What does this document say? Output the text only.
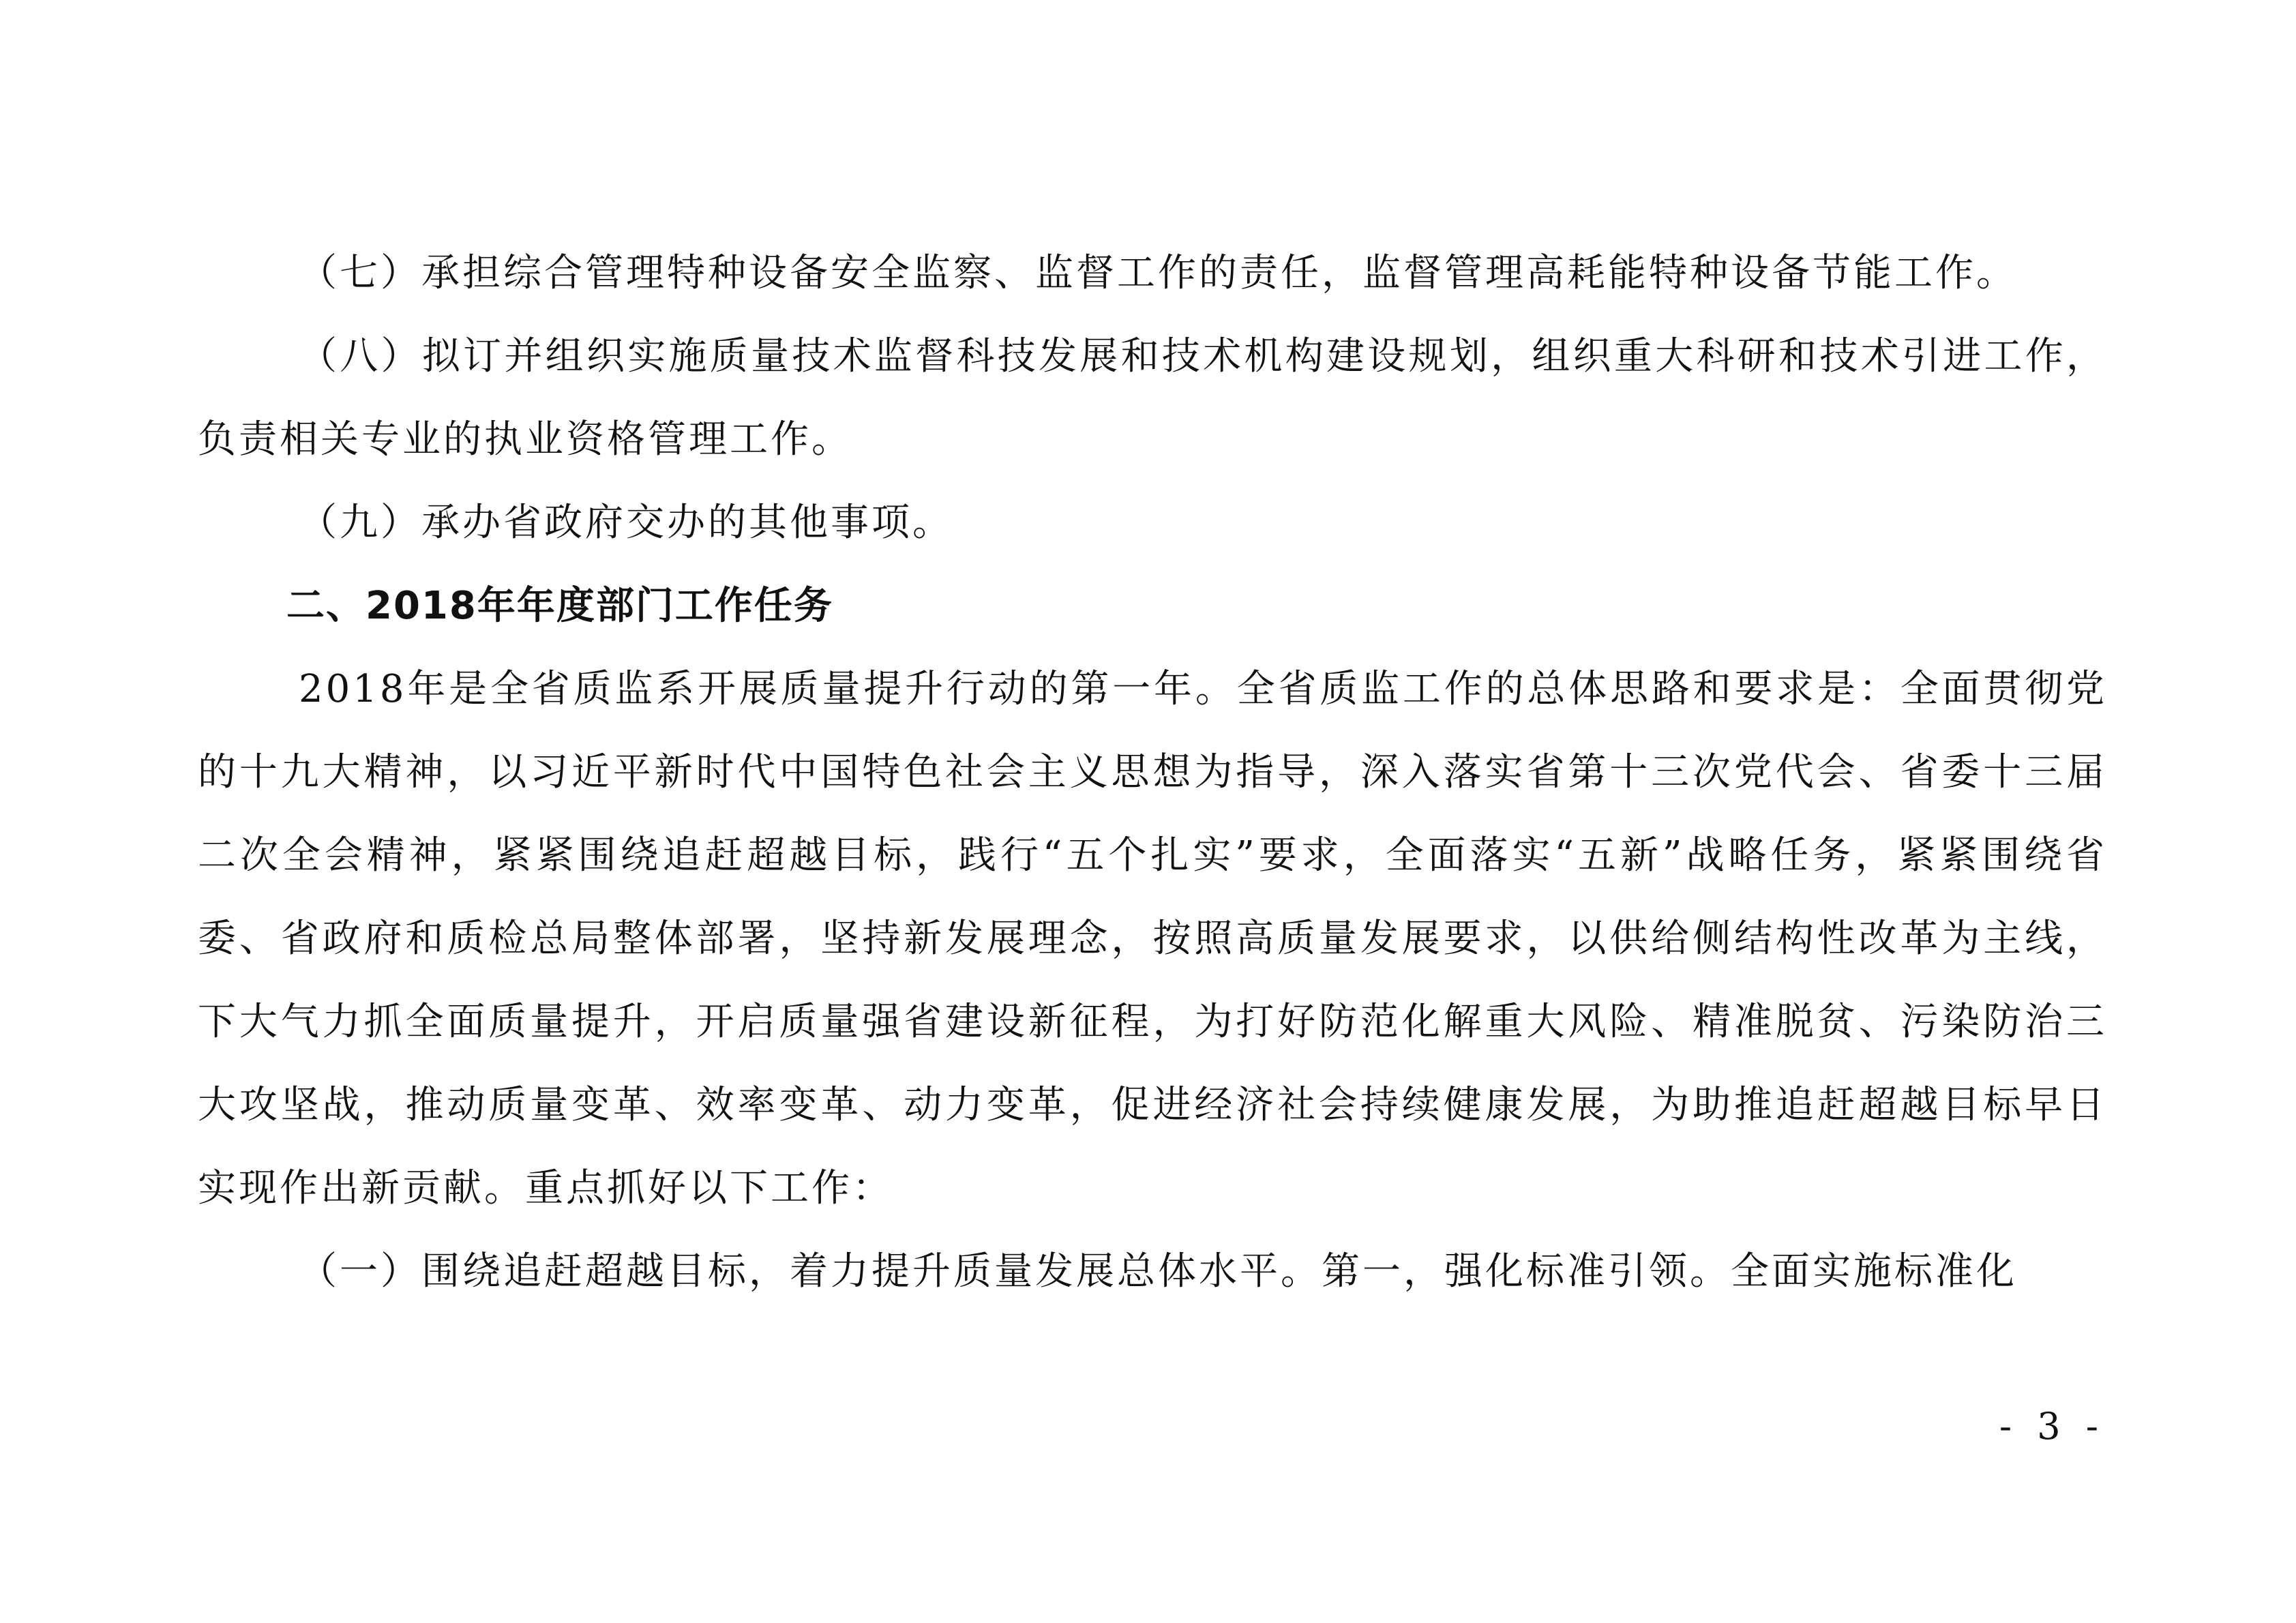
（七）承担综合管理特种设备安全监察、监督工作的责任，监督管理高耗能特种设备节能工作。

（八）拟订并组织实施质量技术监督科技发展和技术机构建设规划，组织重大科研和技术引进工作，负责相关专业的执业资格管理工作。

（九）承办省政府交办的其他事项。

二、2018年年度部门工作任务

2018年是全省质监系开展质量提升行动的第一年。全省质监工作的总体思路和要求是：全面贯彻党的十九大精神，以习近平新时代中国特色社会主义思想为指导，深入落实省第十三次党代会、省委十三届二次全会精神，紧紧围绕追赶超越目标，践行“五个扎实”要求，全面落实“五新”战略任务，紧紧围绕省委、省政府和质检总局整体部署，坚持新发展理念，按照高质量发展要求，以供给侧结构性改革为主线，下大气力抓全面质量提升，开启质量强省建设新征程，为打好防范化解重大风险、精准脱贫、污染防治三大攻坚战，推动质量变革、效率变革、动力变革，促进经济社会持续健康发展，为助推追赶超越目标早日实现作出新贡献。重点抓好以下工作：

（一）围绕追赶超越目标，着力提升质量发展总体水平。第一，强化标准引领。全面实施标准化

- 3 -
